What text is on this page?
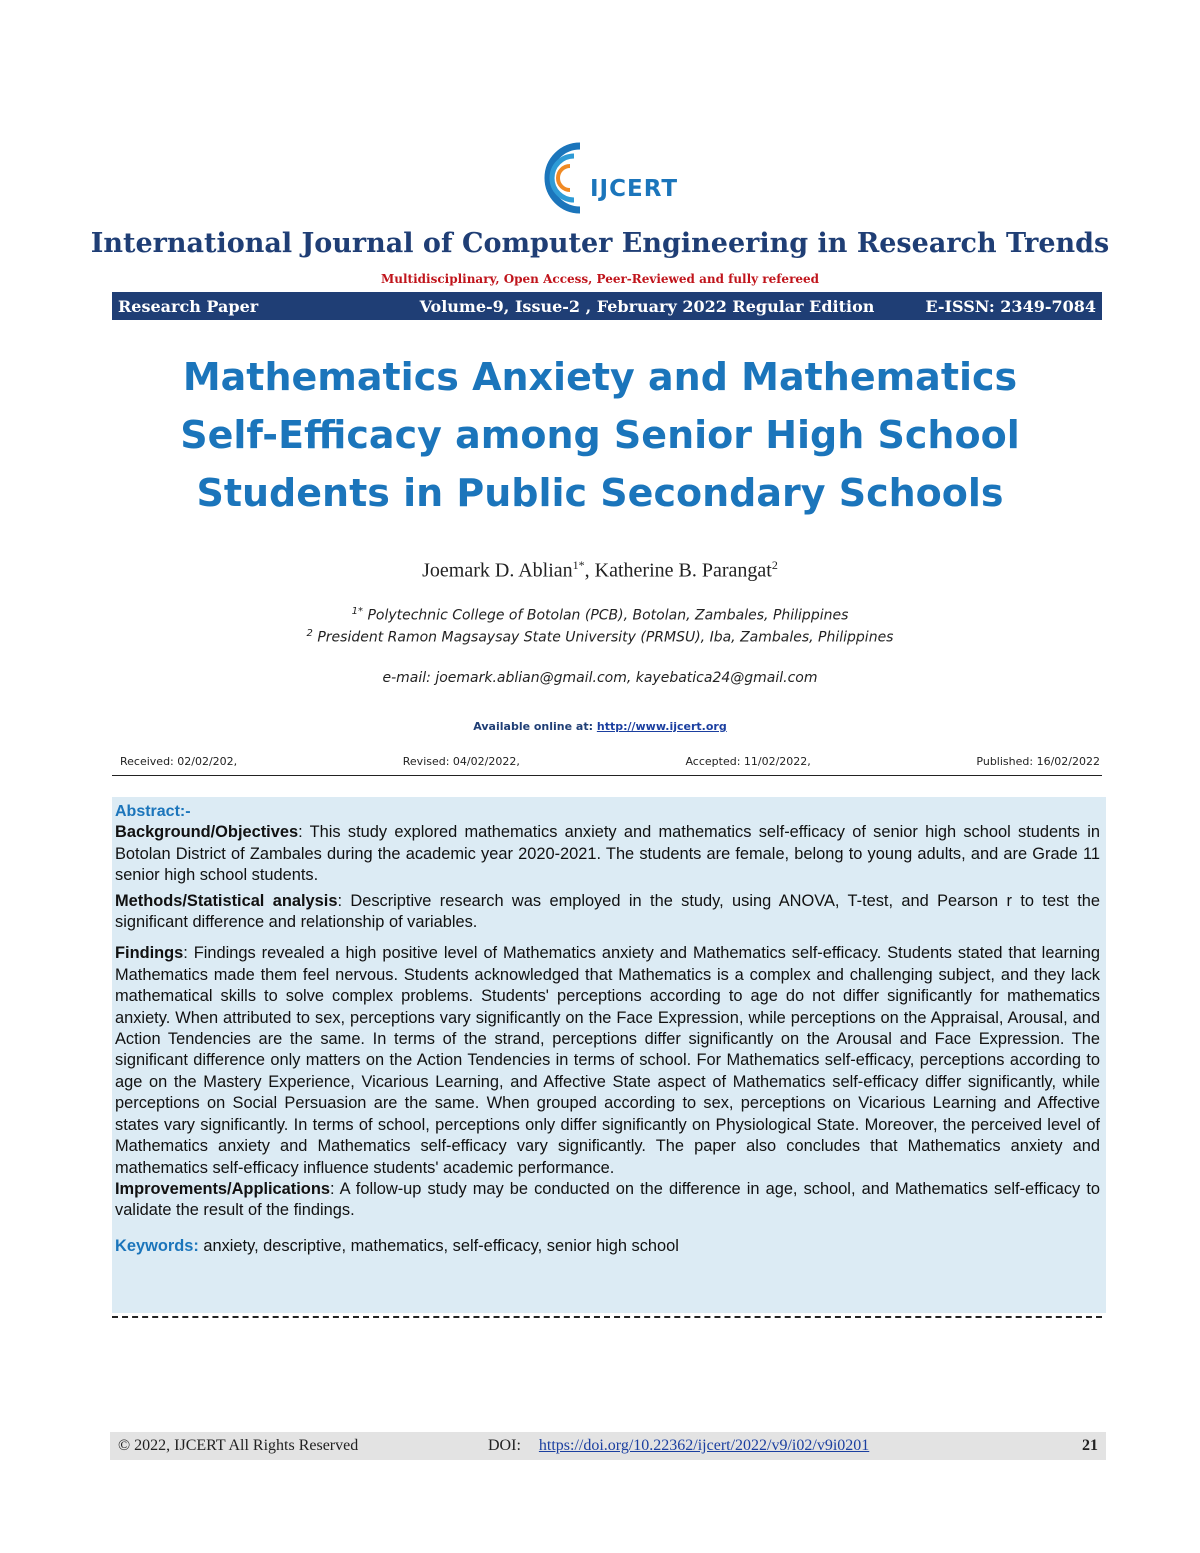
IJCERT
International Journal of Computer Engineering in Research Trends
Multidisciplinary, Open Access, Peer-Reviewed and fully refereed
Research Paper	Volume-9, Issue-2 , February 2022 Regular Edition	E-ISSN: 2349-7084
Mathematics Anxiety and Mathematics Self-Efficacy among Senior High School Students in Public Secondary Schools
Joemark D. Ablian$^{1*}$, Katherine B. Parangat$^2$
$^{1*}$ Polytechnic College of Botolan (PCB), Botolan, Zambales, Philippines
$^2$ President Ramon Magsaysay State University (PRMSU), Iba, Zambales, Philippines
e-mail: joemark.ablian@gmail.com, kayebatica24@gmail.com
Available online at: http://www.ijcert.org
Received: 02/02/202,	Revised: 04/02/2022,	Accepted: 11/02/2022,	Published: 16/02/2022

Abstract:-

Background/Objectives: This study explored mathematics anxiety and mathematics self-efficacy of senior high school students in Botolan District of Zambales during the academic year 2020-2021. The students are female, belong to young adults, and are Grade 11 senior high school students.

Methods/Statistical analysis: Descriptive research was employed in the study, using ANOVA, T-test, and Pearson r to test the significant difference and relationship of variables.

Findings: Findings revealed a high positive level of Mathematics anxiety and Mathematics self-efficacy. Students stated that learning Mathematics made them feel nervous. Students acknowledged that Mathematics is a complex and challenging subject, and they lack mathematical skills to solve complex problems. Students' perceptions according to age do not differ significantly for mathematics anxiety. When attributed to sex, perceptions vary significantly on the Face Expression, while perceptions on the Appraisal, Arousal, and Action Tendencies are the same. In terms of the strand, perceptions differ significantly on the Arousal and Face Expression. The significant difference only matters on the Action Tendencies in terms of school. For Mathematics self-efficacy, perceptions according to age on the Mastery Experience, Vicarious Learning, and Affective State aspect of Mathematics self-efficacy differ significantly, while perceptions on Social Persuasion are the same. When grouped according to sex, perceptions on Vicarious Learning and Affective states vary significantly. In terms of school, perceptions only differ significantly on Physiological State. Moreover, the perceived level of Mathematics anxiety and Mathematics self-efficacy vary significantly. The paper also concludes that Mathematics anxiety and mathematics self-efficacy influence students' academic performance.

Improvements/Applications: A follow-up study may be conducted on the difference in age, school, and Mathematics self-efficacy to validate the result of the findings.

Keywords: anxiety, descriptive, mathematics, self-efficacy, senior high school

© 2022, IJCERT All Rights Reserved	DOI: https://doi.org/10.22362/ijcert/2022/v9/i02/v9i0201	21
